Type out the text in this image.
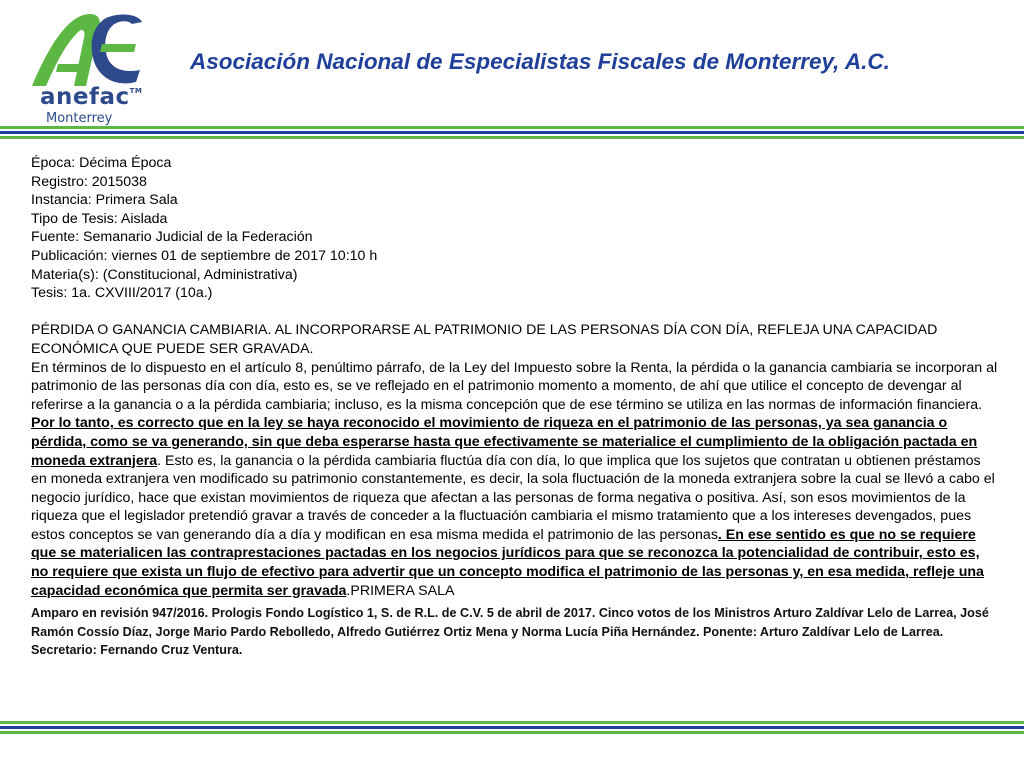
anefac™
Monterrey
Asociación Nacional de Especialistas Fiscales de Monterrey, A.C.
Época: Décima Época
Registro: 2015038
Instancia: Primera Sala
Tipo de Tesis: Aislada
Fuente: Semanario Judicial de la Federación
Publicación: viernes 01 de septiembre de 2017 10:10 h
Materia(s): (Constitucional, Administrativa)
Tesis: 1a. CXVIII/2017 (10a.)
PÉRDIDA O GANANCIA CAMBIARIA. AL INCORPORARSE AL PATRIMONIO DE LAS PERSONAS DÍA CON DÍA, REFLEJA UNA CAPACIDAD ECONÓMICA QUE PUEDE SER GRAVADA.

En términos de lo dispuesto en el artículo 8, penúltimo párrafo, de la Ley del Impuesto sobre la Renta, la pérdida o la ganancia cambiaria se incorporan al patrimonio de las personas día con día, esto es, se ve reflejado en el patrimonio momento a momento, de ahí que utilice el concepto de devengar al referirse a la ganancia o a la pérdida cambiaria; incluso, es la misma concepción que de ese término se utiliza en las normas de información financiera. Por lo tanto, es correcto que en la ley se haya reconocido el movimiento de riqueza en el patrimonio de las personas, ya sea ganancia o pérdida, como se va generando, sin que deba esperarse hasta que efectivamente se materialice el cumplimiento de la obligación pactada en moneda extranjera. Esto es, la ganancia o la pérdida cambiaria fluctúa día con día, lo que implica que los sujetos que contratan u obtienen préstamos en moneda extranjera ven modificado su patrimonio constantemente, es decir, la sola fluctuación de la moneda extranjera sobre la cual se llevó a cabo el negocio jurídico, hace que existan movimientos de riqueza que afectan a las personas de forma negativa o positiva. Así, son esos movimientos de la riqueza que el legislador pretendió gravar a través de conceder a la fluctuación cambiaria el mismo tratamiento que a los intereses devengados, pues estos conceptos se van generando día a día y modifican en esa misma medida el patrimonio de las personas. En ese sentido es que no se requiere que se materialicen las contraprestaciones pactadas en los negocios jurídicos para que se reconozca la potencialidad de contribuir, esto es, no requiere que exista un flujo de efectivo para advertir que un concepto modifica el patrimonio de las personas y, en esa medida, refleje una capacidad económica que permita ser gravada.PRIMERA SALA

Amparo en revisión 947/2016. Prologis Fondo Logístico 1, S. de R.L. de C.V. 5 de abril de 2017. Cinco votos de los Ministros Arturo Zaldívar Lelo de Larrea, José Ramón Cossío Díaz, Jorge Mario Pardo Rebolledo, Alfredo Gutiérrez Ortiz Mena y Norma Lucía Piña Hernández. Ponente: Arturo Zaldívar Lelo de Larrea. Secretario: Fernando Cruz Ventura.
